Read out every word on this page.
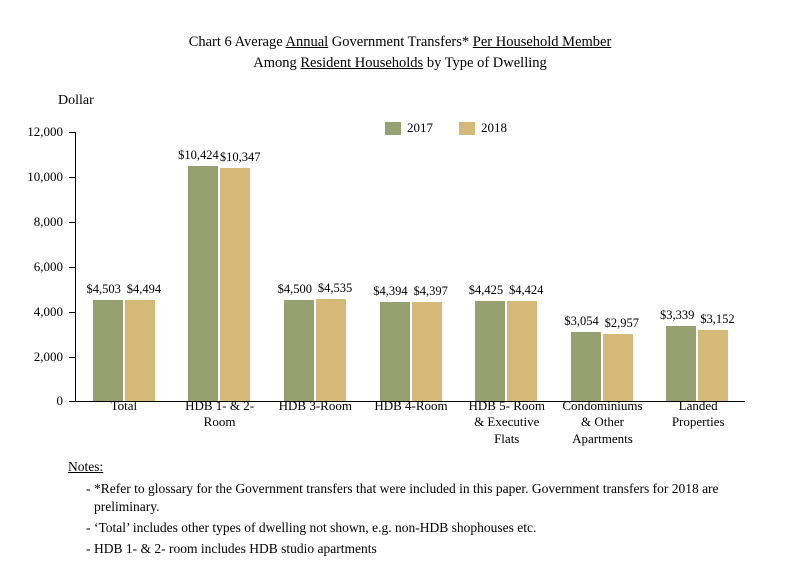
Chart 6 Average Annual Government Transfers* Per Household Member
Among Resident Households by Type of Dwelling
Dollar
2017	2018
12,000
10,000
8,000
6,000
4,000
2,000
0
$4,503 $4,494
$10,424 $10,347
$4,500 $4,535 $4,394 $4,397 $4,425 $4,424
$3,054 $2,957
$3,339 $3,152
Total	HDB 1- & 2-
Room
HDB 3-Room	HDB 4-Room	HDB 5- Room
& Executive
Flats
Condominiums
& Other
Apartments
Landed
Properties
Notes:
- *Refer to glossary for the Government transfers that were included in this paper. Government transfers for 2018 are preliminary.
- ‘Total’ includes other types of dwelling not shown, e.g. non-HDB shophouses etc.
- HDB 1- & 2- room includes HDB studio apartments
